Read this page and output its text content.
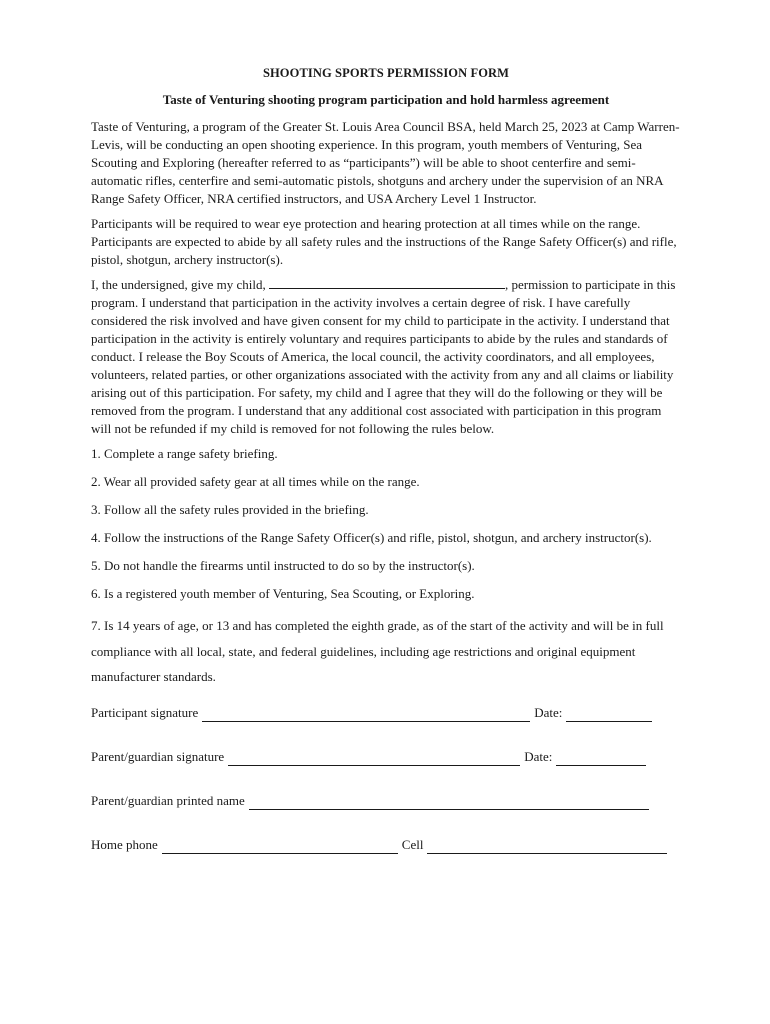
SHOOTING SPORTS PERMISSION FORM
Taste of Venturing shooting program participation and hold harmless agreement

Taste of Venturing, a program of the Greater St. Louis Area Council BSA, held March 25, 2023 at Camp Warren-Levis, will be conducting an open shooting experience. In this program, youth members of Venturing, Sea Scouting and Exploring (hereafter referred to as “participants”) will be able to shoot centerfire and semi-automatic rifles, centerfire and semi-automatic pistols, shotguns and archery under the supervision of an NRA Range Safety Officer, NRA certified instructors, and USA Archery Level 1 Instructor.

Participants will be required to wear eye protection and hearing protection at all times while on the range. Participants are expected to abide by all safety rules and the instructions of the Range Safety Officer(s) and rifle, pistol, shotgun, archery instructor(s).

I, the undersigned, give my child,	, permission to participate in this program. I understand that participation in the activity involves a certain degree of risk. I have carefully considered the risk involved and have given consent for my child to participate in the activity. I understand that participation in the activity is entirely voluntary and requires participants to abide by the rules and standards of conduct. I release the Boy Scouts of America, the local council, the activity coordinators, and all employees, volunteers, related parties, or other organizations associated with the activity from any and all claims or liability arising out of this participation. For safety, my child and I agree that they will do the following or they will be removed from the program. I understand that any additional cost associated with participation in this program will not be refunded if my child is removed for not following the rules below.

1. Complete a range safety briefing.
2. Wear all provided safety gear at all times while on the range.
3. Follow all the safety rules provided in the briefing.
4. Follow the instructions of the Range Safety Officer(s) and rifle, pistol, shotgun, and archery instructor(s).
5. Do not handle the firearms until instructed to do so by the instructor(s).
6. Is a registered youth member of Venturing, Sea Scouting, or Exploring.
7. Is 14 years of age, or 13 and has completed the eighth grade, as of the start of the activity and will be in full compliance with all local, state, and federal guidelines, including age restrictions and original equipment manufacturer standards.
Participant signature	Date:
Parent/guardian signature	Date:
Parent/guardian printed name
Home phone	Cell
